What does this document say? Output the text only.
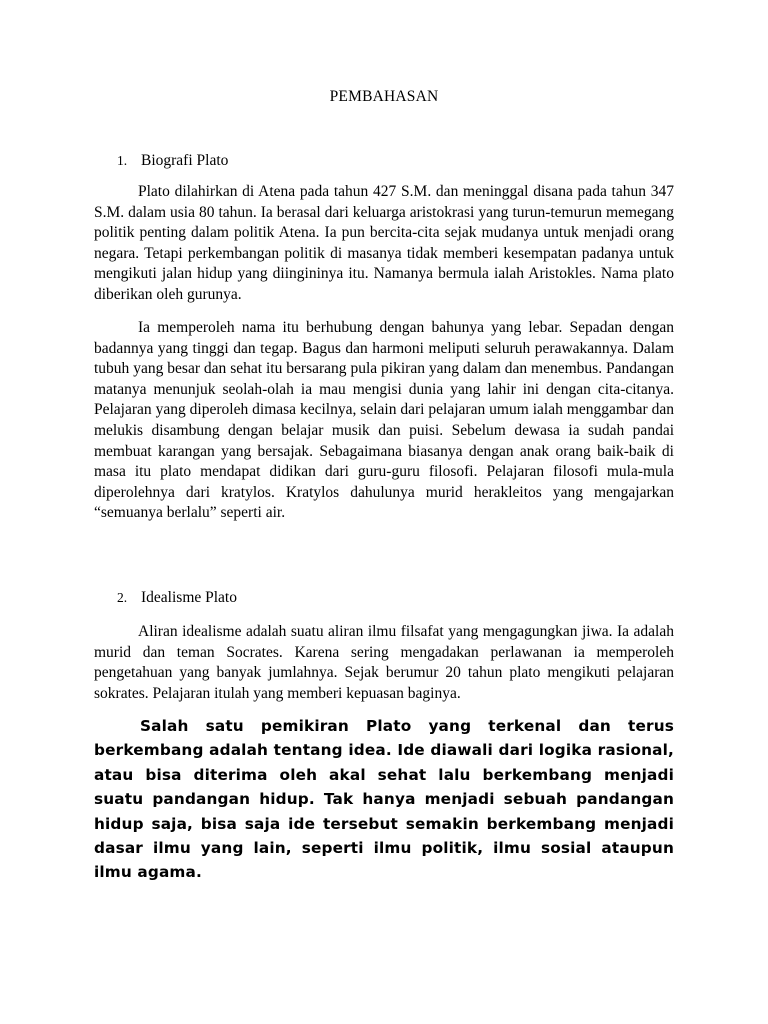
PEMBAHASAN
1. Biografi Plato

Plato dilahirkan di Atena pada tahun 427 S.M. dan meninggal disana pada tahun 347 S.M. dalam usia 80 tahun. Ia berasal dari keluarga aristokrasi yang turun-temurun memegang politik penting dalam politik Atena. Ia pun bercita-cita sejak mudanya untuk menjadi orang negara. Tetapi perkembangan politik di masanya tidak memberi kesempatan padanya untuk mengikuti jalan hidup yang diingininya itu. Namanya bermula ialah Aristokles. Nama plato diberikan oleh gurunya.

Ia memperoleh nama itu berhubung dengan bahunya yang lebar. Sepadan dengan badannya yang tinggi dan tegap. Bagus dan harmoni meliputi seluruh perawakannya. Dalam tubuh yang besar dan sehat itu bersarang pula pikiran yang dalam dan menembus. Pandangan matanya menunjuk seolah-olah ia mau mengisi dunia yang lahir ini dengan cita-citanya. Pelajaran yang diperoleh dimasa kecilnya, selain dari pelajaran umum ialah menggambar dan melukis disambung dengan belajar musik dan puisi. Sebelum dewasa ia sudah pandai membuat karangan yang bersajak. Sebagaimana biasanya dengan anak orang baik-baik di masa itu plato mendapat didikan dari guru-guru filosofi. Pelajaran filosofi mula-mula diperolehnya dari kratylos. Kratylos dahulunya murid herakleitos yang mengajarkan “semuanya berlalu” seperti air.

2. Idealisme Plato

Aliran idealisme adalah suatu aliran ilmu filsafat yang mengagungkan jiwa. Ia adalah murid dan teman Socrates. Karena sering mengadakan perlawanan ia memperoleh pengetahuan yang banyak jumlahnya. Sejak berumur 20 tahun plato mengikuti pelajaran sokrates. Pelajaran itulah yang memberi kepuasan baginya.

Salah satu pemikiran Plato yang terkenal dan terus berkembang adalah tentang idea. Ide diawali dari logika rasional, atau bisa diterima oleh akal sehat lalu berkembang menjadi suatu pandangan hidup. Tak hanya menjadi sebuah pandangan hidup saja, bisa saja ide tersebut semakin berkembang menjadi dasar ilmu yang lain, seperti ilmu politik, ilmu sosial ataupun ilmu agama.
